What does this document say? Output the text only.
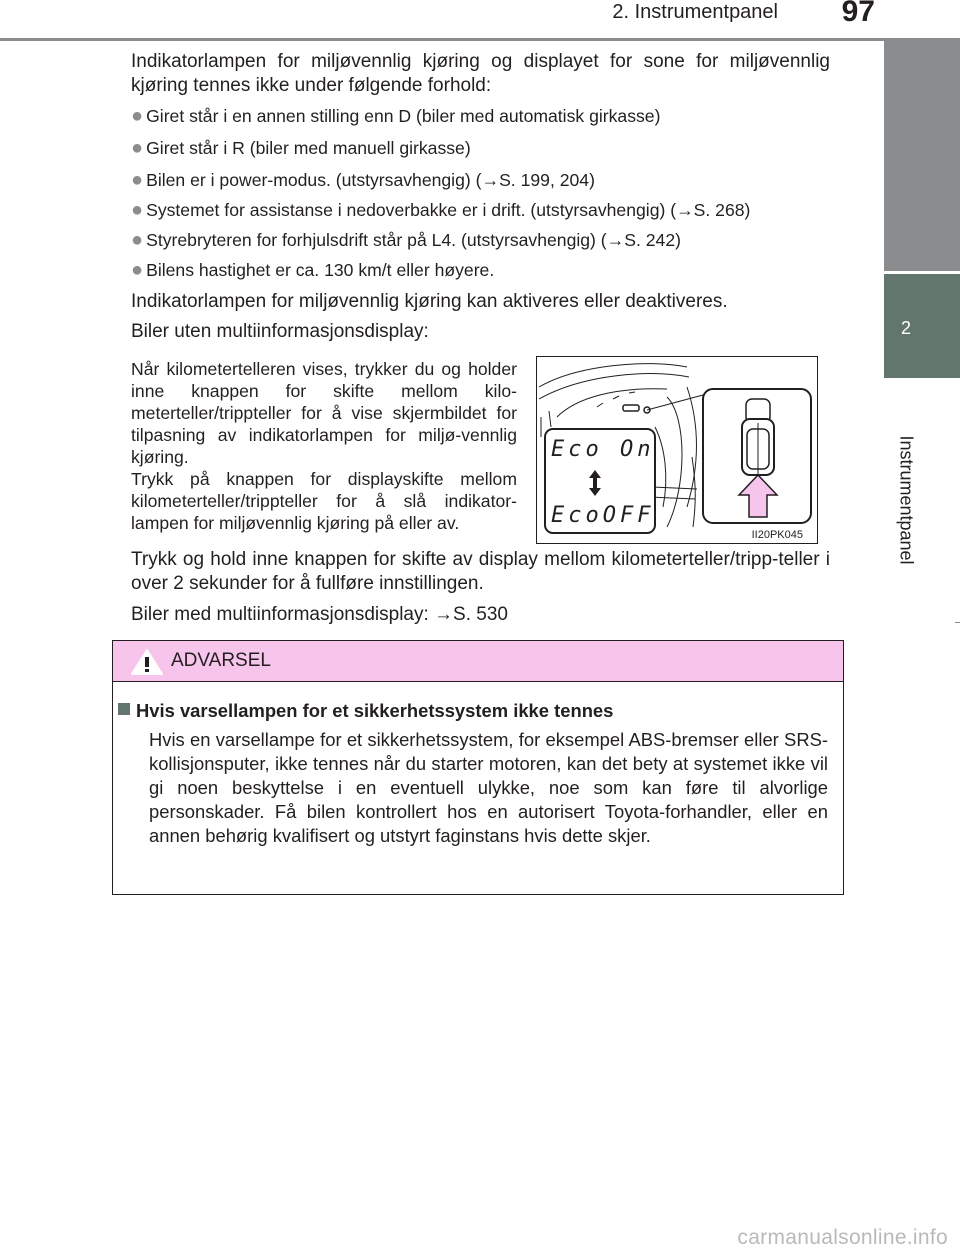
2. Instrumentpanel 97
2
Instrumentpanel

Indikatorlampen for miljøvennlig kjøring og displayet for sone for miljøvennlig kjøring tennes ikke under følgende forhold:

● Giret står i en annen stilling enn D (biler med automatisk girkasse)

● Giret står i R (biler med manuell girkasse)

● Bilen er i power-modus. (utstyrsavhengig) (→S. 199, 204)

● Systemet for assistanse i nedoverbakke er i drift. (utstyrsavhengig) (→S. 268)

● Styrebryteren for forhjulsdrift står på L4. (utstyrsavhengig) (→S. 242)

● Bilens hastighet er ca. 130 km/t eller høyere.

Indikatorlampen for miljøvennlig kjøring kan aktiveres eller deaktiveres.

Biler uten multiinformasjonsdisplay:

Når kilometertelleren vises, trykker du og holder inne knappen for skifte mellom kilo-meterteller/trippteller for å vise skjermbildet for tilpasning av indikatorlampen for miljø-vennlig kjøring.

Trykk på knappen for displayskifte mellom kilometerteller/trippteller for å slå indikator-lampen for miljøvennlig kjøring på eller av.

II20PK045
Eco On
EcoOFF

Trykk og hold inne knappen for skifte av display mellom kilometerteller/tripp-teller i over 2 sekunder for å fullføre innstillingen.

Biler med multiinformasjonsdisplay: →S. 530

ADVARSEL
Hvis varsellampen for et sikkerhetssystem ikke tennes

Hvis en varsellampe for et sikkerhetssystem, for eksempel ABS-bremser eller SRS-kollisjonsputer, ikke tennes når du starter motoren, kan det bety at systemet ikke vil gi noen beskyttelse i en eventuell ulykke, noe som kan føre til alvorlige personskader. Få bilen kontrollert hos en autorisert Toyota-forhandler, eller en annen behørig kvalifisert og utstyrt faginstans hvis dette skjer.

carmanualsonline.info
